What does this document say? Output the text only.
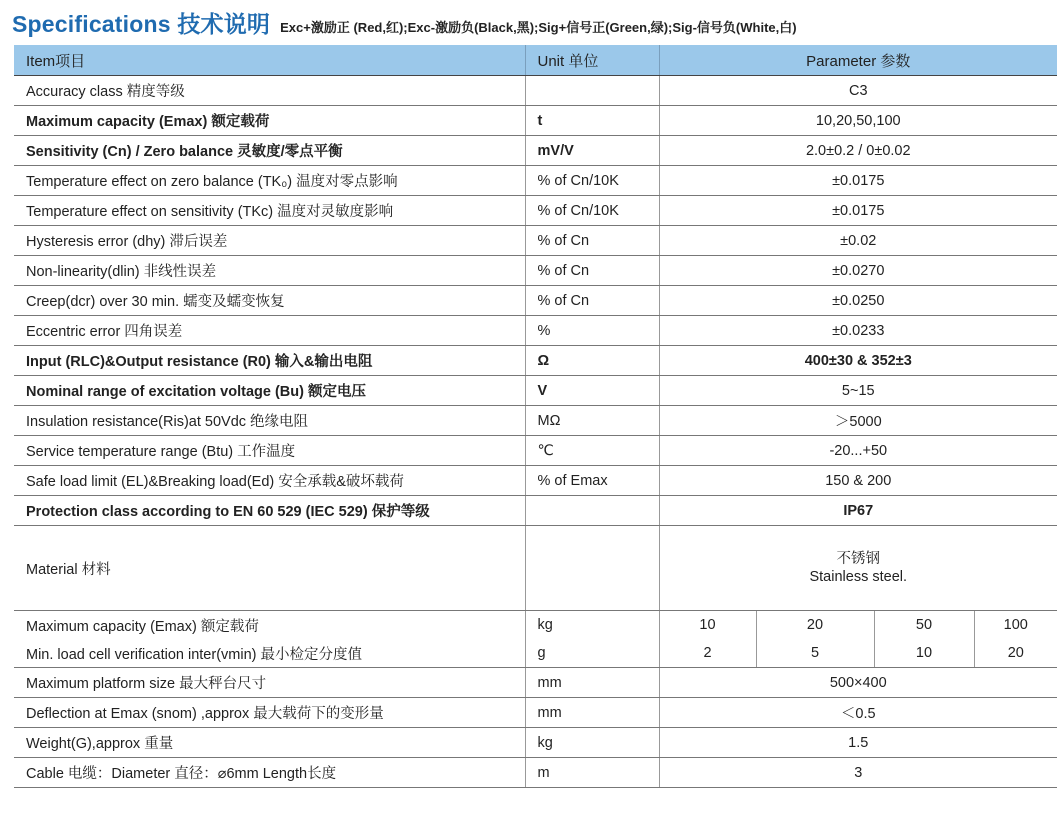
Specifications 技术说明 Exc+激励正 (Red,红);Exc-激励负(Black,黑);Sig+信号正(Green,绿);Sig-信号负(White,白)
Item项目	Unit 单位	Parameter 参数			
Accuracy class 精度等级		C3			
Maximum capacity (Emax) 额定载荷	t	10,20,50,100			
Sensitivity (Cn) / Zero balance 灵敏度/零点平衡	mV/V	2.0±0.2 / 0±0.02			
Temperature effect on zero balance (TK₀) 温度对零点影响	% of Cn/10K	±0.0175			
Temperature effect on sensitivity (TKc) 温度对灵敏度影响	% of Cn/10K	±0.0175			
Hysteresis error (dhy) 滞后误差	% of Cn	±0.02			
Non-linearity(dlin) 非线性误差	% of Cn	±0.0270			
Creep(dcr) over 30 min. 蠕变及蠕变恢复	% of Cn	±0.0250			
Eccentric error 四角误差	%	±0.0233			
Input (RLC)&Output resistance (R0) 输入&输出电阻	Ω	400±30 & 352±3			
Nominal range of excitation voltage (Bu) 额定电压	V	5~15			
Insulation resistance(Ris)at 50Vdc 绝缘电阻	MΩ	＞5000			
Service temperature range (Btu) 工作温度	℃	-20...+50			
Safe load limit (EL)&Breaking load(Ed) 安全承载&破坏载荷	% of Emax	150 & 200			
Protection class according to EN 60 529 (IEC 529) 保护等级		IP67			
Material 材料		不锈钢
Stainless steel.			

Maximum capacity (Emax) 额定载荷	kg	10	20	50	100
Min. load cell verification inter(vmin) 最小检定分度值	g	2	5	10	20
Maximum platform size 最大秤台尺寸	mm	500×400			
Deflection at Emax (snom) ,approx 最大载荷下的变形量	mm	＜0.5			
Weight(G),approx 重量	kg	1.5			
Cable 电缆：Diameter 直径：⌀6mm Length长度	m	3			
